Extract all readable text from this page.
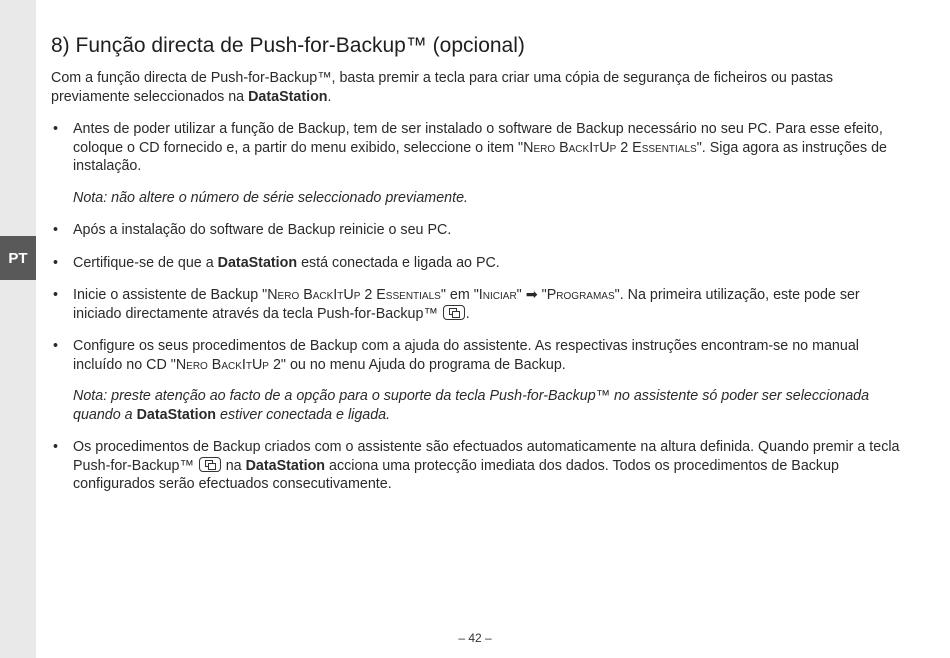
PT
8) Função directa de Push-for-Backup™ (opcional)

Com a função directa de Push-for-Backup™, basta premir a tecla para criar uma cópia de segurança de ficheiros ou pastas previamente seleccionados na DataStation.

• Antes de poder utilizar a função de Backup, tem de ser instalado o software de Backup necessário no seu PC. Para esse efeito, coloque o CD fornecido e, a partir do menu exibido, seleccione o item "Nero BackItUp 2 Essentials". Siga agora as instruções de instalação.
Nota: não altere o número de série seleccionado previamente.
• Após a instalação do software de Backup reinicie o seu PC.
• Certifique-se de que a DataStation está conectada e ligada ao PC.
• Inicie o assistente de Backup "Nero BackItUp 2 Essentials" em "Iniciar" ➡ "Programas". Na primeira utilização, este pode ser iniciado directamente através da tecla Push-for-Backup™ .
• Configure os seus procedimentos de Backup com a ajuda do assistente. As respectivas instruções encontram-se no manual incluído no CD "Nero BackItUp 2" ou no menu Ajuda do programa de Backup.
Nota: preste atenção ao facto de a opção para o suporte da tecla Push-for-Backup™ no assistente só poder ser seleccionada quando a DataStation estiver conectada e ligada.
• Os procedimentos de Backup criados com o assistente são efectuados automaticamente na altura definida. Quando premir a tecla Push-for-Backup™  na DataStation acciona uma protecção imediata dos dados. Todos os procedimentos de Backup configurados serão efectuados consecutivamente.
– 42 –
